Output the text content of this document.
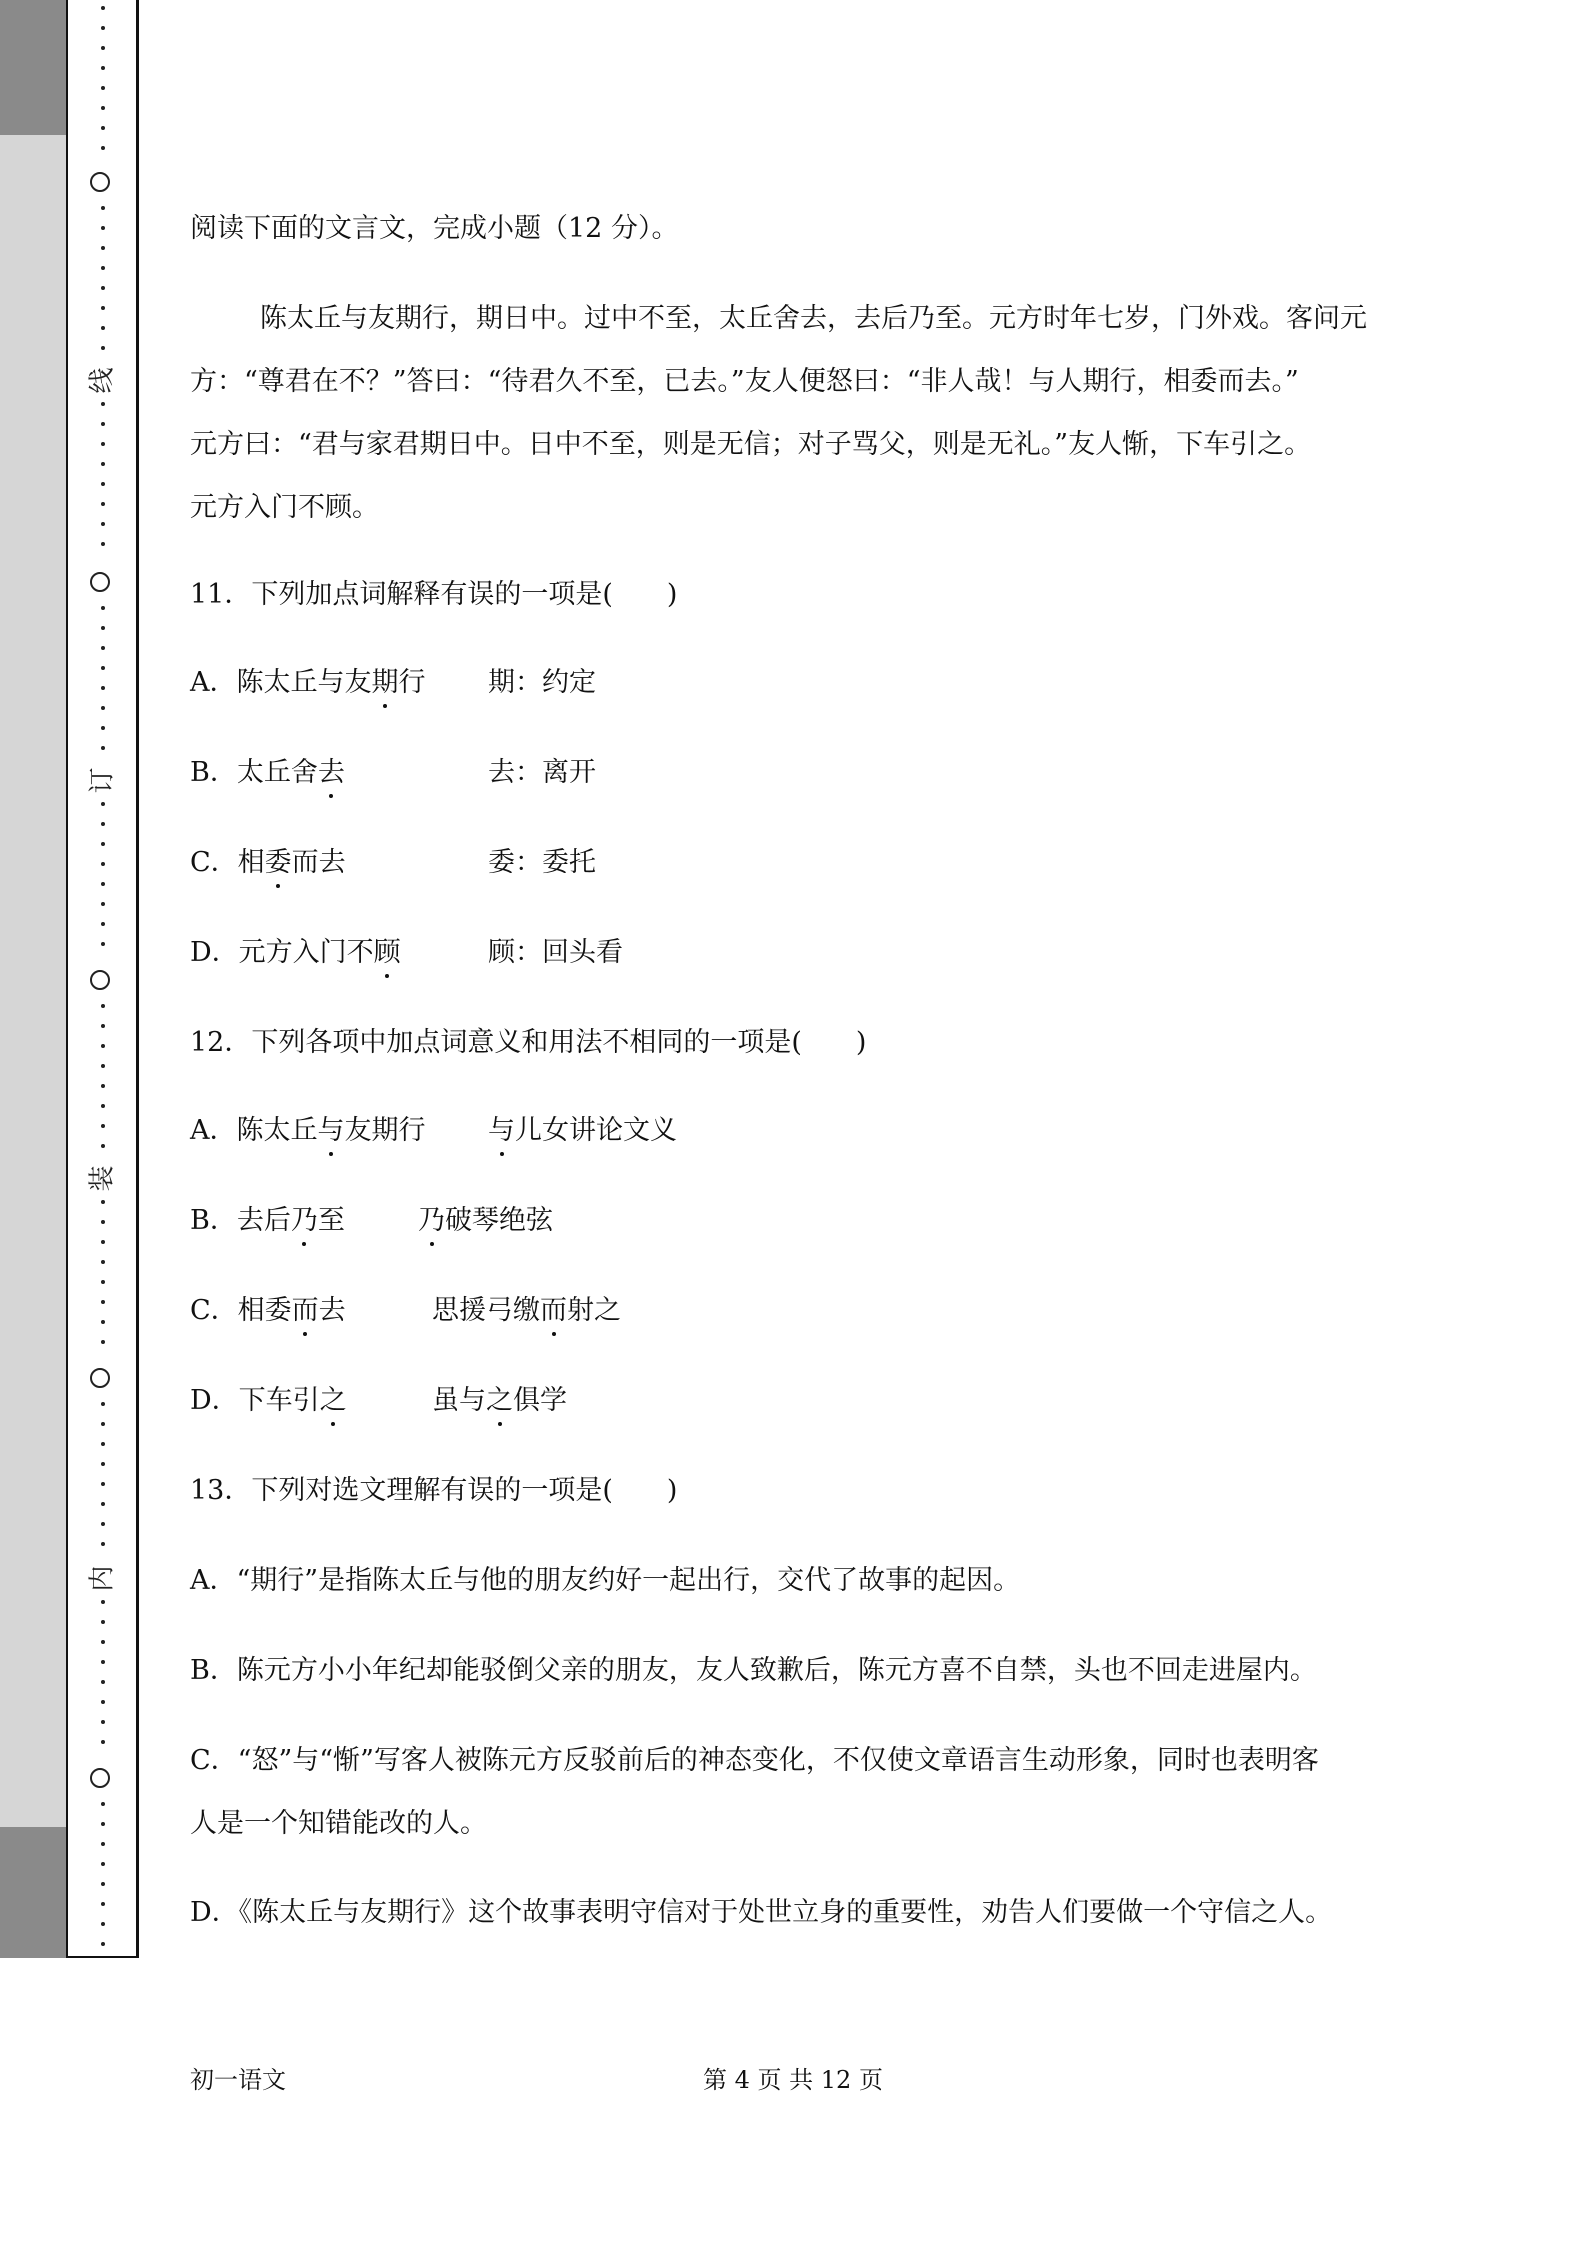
阅读下面的文言文，完成小题（12 分）。
陈太丘与友期行，期日中。过中不至，太丘舍去，去后乃至。元方时年七岁，门外戏。客问元
方：“尊君在不？”答曰：“待君久不至，已去。”友人便怒曰：“非人哉！与人期行，相委而去。”
元方曰：“君与家君期日中。日中不至，则是无信；对子骂父，则是无礼。”友人惭，下车引之。
元方入门不顾。
11．下列加点词解释有误的一项是(　　)
A．陈太丘与友期行 期：约定
B．太丘舍去	去：离开
C．相委而去	委：委托
D．元方入门不顾	顾：回头看
12．下列各项中加点词意义和用法不相同的一项是(　　)
A．陈太丘与友期行 与儿女讲论文义
B．去后乃至	乃破琴绝弦
C．相委而去	思援弓缴而射之
D．下车引之	虽与之俱学
13．下列对选文理解有误的一项是(　　)
A．“期行”是指陈太丘与他的朋友约好一起出行，交代了故事的起因。
B．陈元方小小年纪却能驳倒父亲的朋友，友人致歉后，陈元方喜不自禁，头也不回走进屋内。
C．“怒”与“惭”写客人被陈元方反驳前后的神态变化，不仅使文章语言生动形象，同时也表明客
人是一个知错能改的人。
D．《陈太丘与友期行》这个故事表明守信对于处世立身的重要性，劝告人们要做一个守信之人。
初一语文	第 4 页 共 12 页
线
订
装
内
